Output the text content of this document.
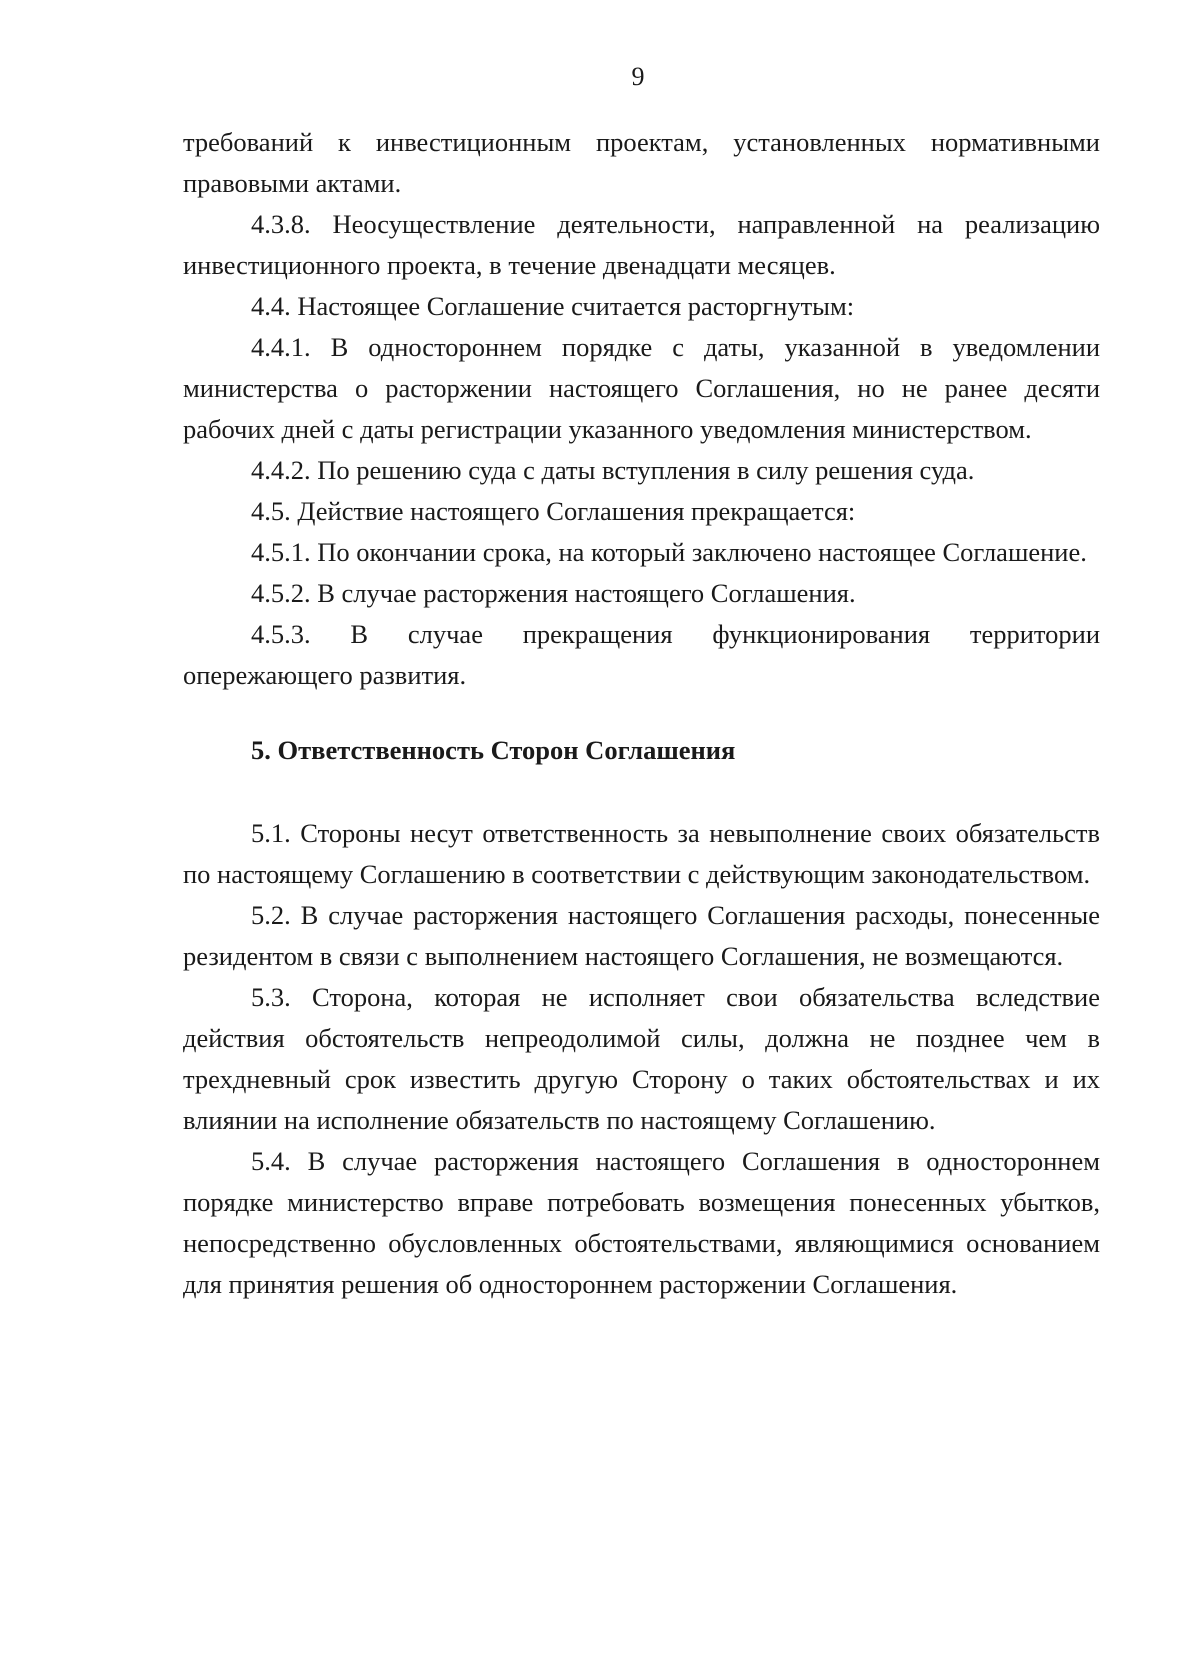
9

требований к инвестиционным проектам, установленных нормативными правовыми актами.

4.3.8. Неосуществление деятельности, направленной на реализацию инвестиционного проекта, в течение двенадцати месяцев.

4.4. Настоящее Соглашение считается расторгнутым:

4.4.1. В одностороннем порядке с даты, указанной в уведомлении министерства о расторжении настоящего Соглашения, но не ранее десяти рабочих дней с даты регистрации указанного уведомления министерством.

4.4.2. По решению суда с даты вступления в силу решения суда.

4.5. Действие настоящего Соглашения прекращается:

4.5.1. По окончании срока, на который заключено настоящее Соглашение.

4.5.2. В случае расторжения настоящего Соглашения.

4.5.3. В случае прекращения функционирования территории опережающего развития.

5. Ответственность Сторон Соглашения

5.1. Стороны несут ответственность за невыполнение своих обязательств по настоящему Соглашению в соответствии с действующим законодательством.

5.2. В случае расторжения настоящего Соглашения расходы, понесенные резидентом в связи с выполнением настоящего Соглашения, не возмещаются.

5.3. Сторона, которая не исполняет свои обязательства вследствие действия обстоятельств непреодолимой силы, должна не позднее чем в трехдневный срок известить другую Сторону о таких обстоятельствах и их влиянии на исполнение обязательств по настоящему Соглашению.

5.4. В случае расторжения настоящего Соглашения в одностороннем порядке министерство вправе потребовать возмещения понесенных убытков, непосредственно обусловленных обстоятельствами, являющимися основанием для принятия решения об одностороннем расторжении Соглашения.
